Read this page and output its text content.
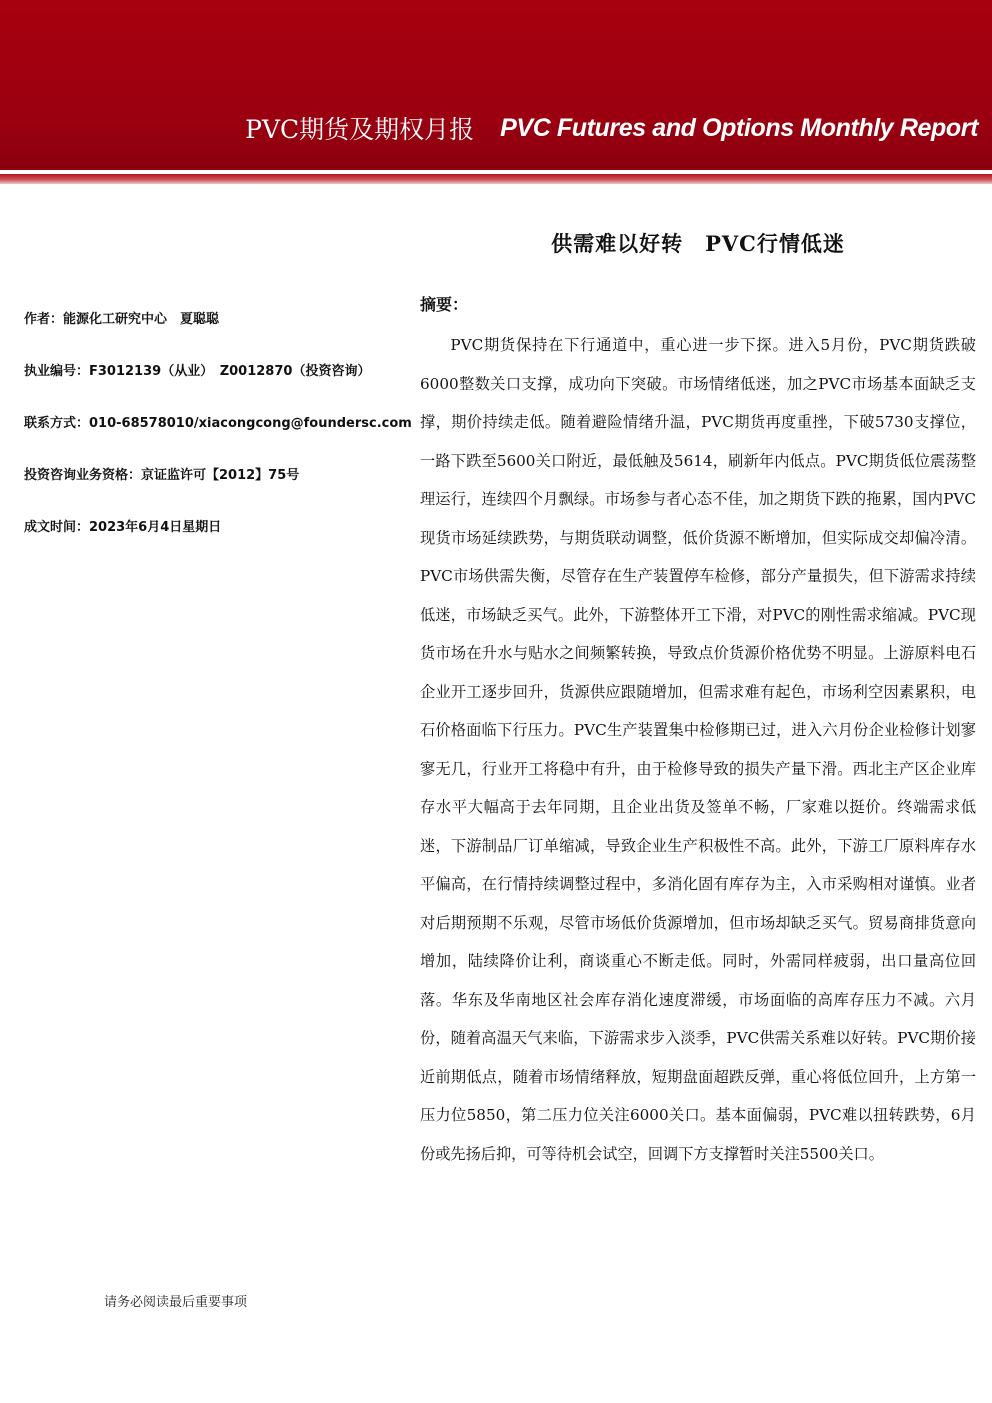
PVC期货及期权月报 PVC Futures and Options Monthly Report
供需难以好转　PVC行情低迷
作者：能源化工研究中心　夏聪聪
执业编号：F3012139（从业）　Z0012870（投资咨询）
联系方式：010-68578010/xiacongcong@foundersc.com
投资咨询业务资格：京证监许可【2012】75号
成文时间：2023年6月4日星期日
摘要：

PVC期货保持在下行通道中，重心进一步下探。进入5月份，PVC期货跌破6000整数关口支撑，成功向下突破。市场情绪低迷，加之PVC市场基本面缺乏支撑，期价持续走低。随着避险情绪升温，PVC期货再度重挫，下破5730支撑位，一路下跌至5600关口附近，最低触及5614，刷新年内低点。PVC期货低位震荡整理运行，连续四个月飘绿。市场参与者心态不佳，加之期货下跌的拖累，国内PVC现货市场延续跌势，与期货联动调整，低价货源不断增加，但实际成交却偏冷清。PVC市场供需失衡，尽管存在生产装置停车检修，部分产量损失，但下游需求持续低迷，市场缺乏买气。此外，下游整体开工下滑，对PVC的刚性需求缩减。PVC现货市场在升水与贴水之间频繁转换，导致点价货源价格优势不明显。上游原料电石企业开工逐步回升，货源供应跟随增加，但需求难有起色，市场利空因素累积，电石价格面临下行压力。PVC生产装置集中检修期已过，进入六月份企业检修计划寥寥无几，行业开工将稳中有升，由于检修导致的损失产量下滑。西北主产区企业库存水平大幅高于去年同期，且企业出货及签单不畅，厂家难以挺价。终端需求低迷，下游制品厂订单缩减，导致企业生产积极性不高。此外，下游工厂原料库存水平偏高，在行情持续调整过程中，多消化固有库存为主，入市采购相对谨慎。业者对后期预期不乐观，尽管市场低价货源增加，但市场却缺乏买气。贸易商排货意向增加，陆续降价让利，商谈重心不断走低。同时，外需同样疲弱，出口量高位回落。华东及华南地区社会库存消化速度滞缓，市场面临的高库存压力不减。六月份，随着高温天气来临，下游需求步入淡季，PVC供需关系难以好转。PVC期价接近前期低点，随着市场情绪释放，短期盘面超跌反弹，重心将低位回升，上方第一压力位5850，第二压力位关注6000关口。基本面偏弱，PVC难以扭转跌势，6月份或先扬后抑，可等待机会试空，回调下方支撑暂时关注5500关口。

请务必阅读最后重要事项
